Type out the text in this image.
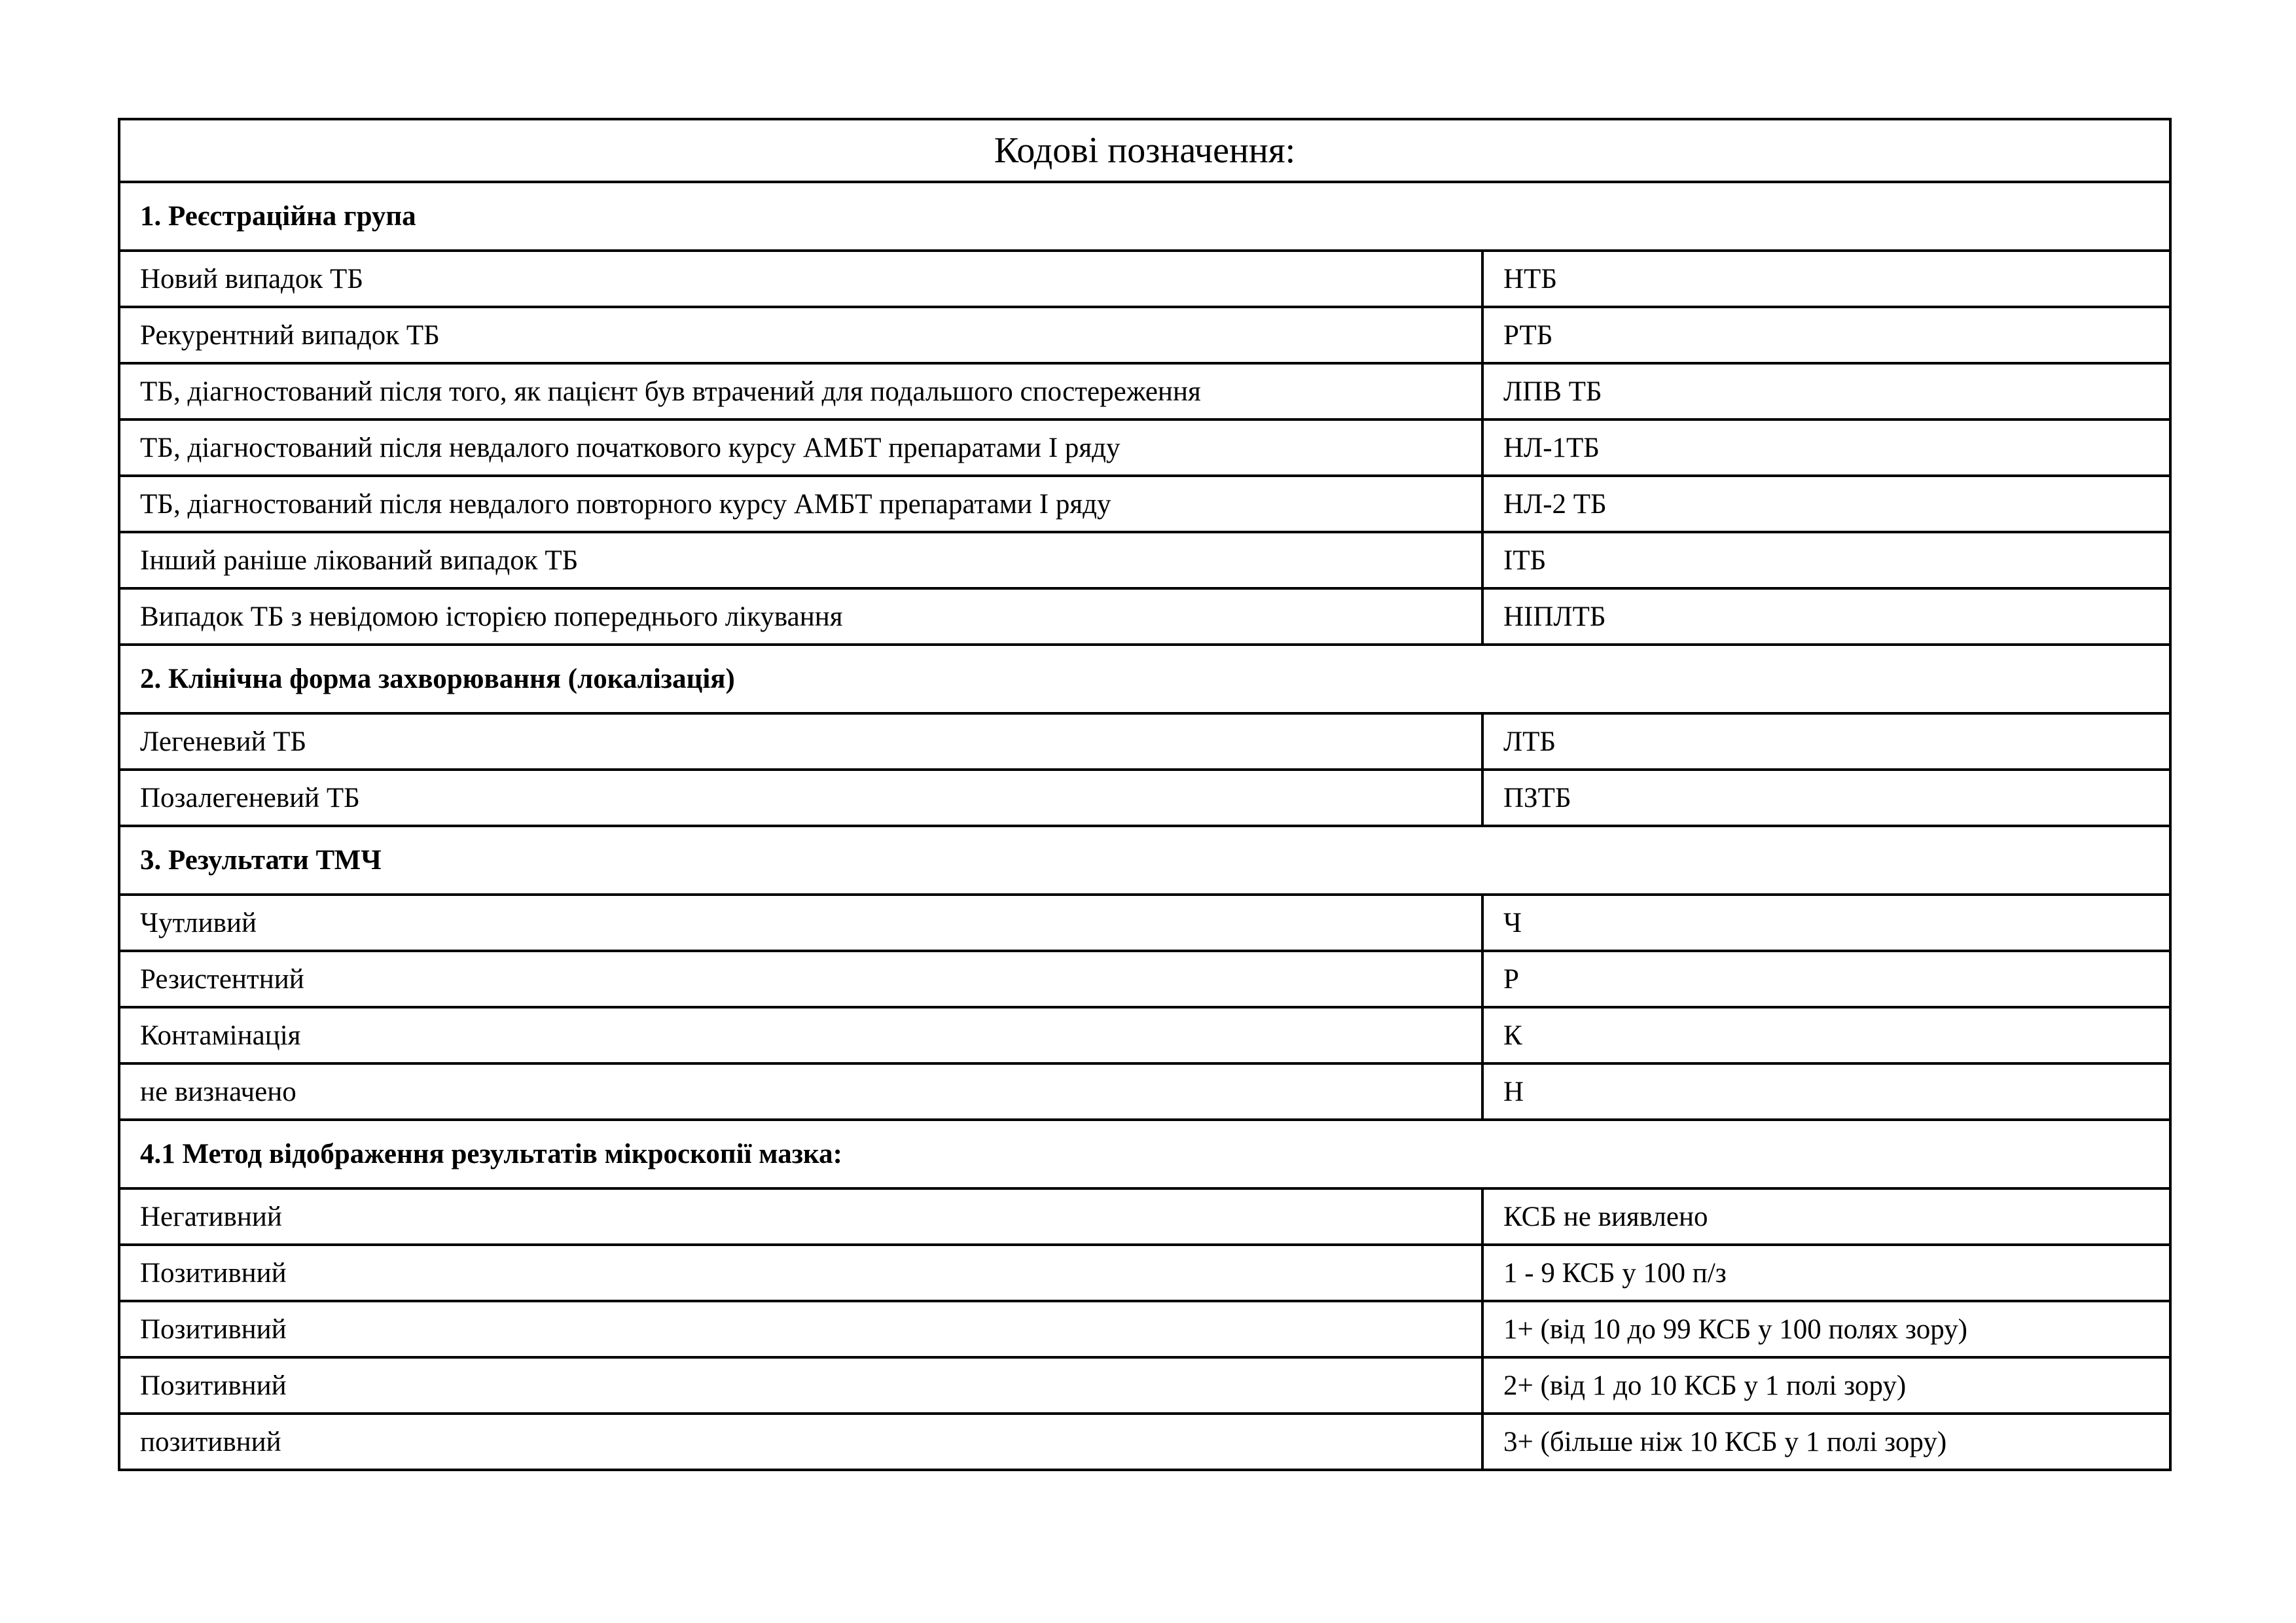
Кодові позначення:	
1. Реєстраційна група	
Новий випадок ТБ	НТБ
Рекурентний випадок ТБ	РТБ
ТБ, діагностований після того, як пацієнт був втрачений для подальшого спостереження	ЛПВ ТБ
ТБ, діагностований після невдалого початкового курсу АМБТ препаратами I ряду	НЛ-1ТБ
ТБ, діагностований після невдалого повторного курсу АМБТ препаратами I ряду	НЛ-2 ТБ
Інший раніше лікований випадок ТБ	ІТБ
Випадок ТБ з невідомою історією попереднього лікування	НІПЛТБ
2. Клінічна форма захворювання (локалізація)	
Легеневий ТБ	ЛТБ
Позалегеневий ТБ	ПЗТБ
3. Результати ТМЧ	
Чутливий	Ч
Резистентний	Р
Контамінація	К
не визначено	Н
4.1 Метод відображення результатів мікроскопії мазка:	
Негативний	КСБ не виявлено
Позитивний	1 - 9 КСБ у 100 п/з
Позитивний	1+ (від 10 до 99 КСБ у 100 полях зору)
Позитивний	2+ (від 1 до 10 КСБ у 1 полі зору)
позитивний	3+ (більше ніж 10 КСБ у 1 полі зору)
